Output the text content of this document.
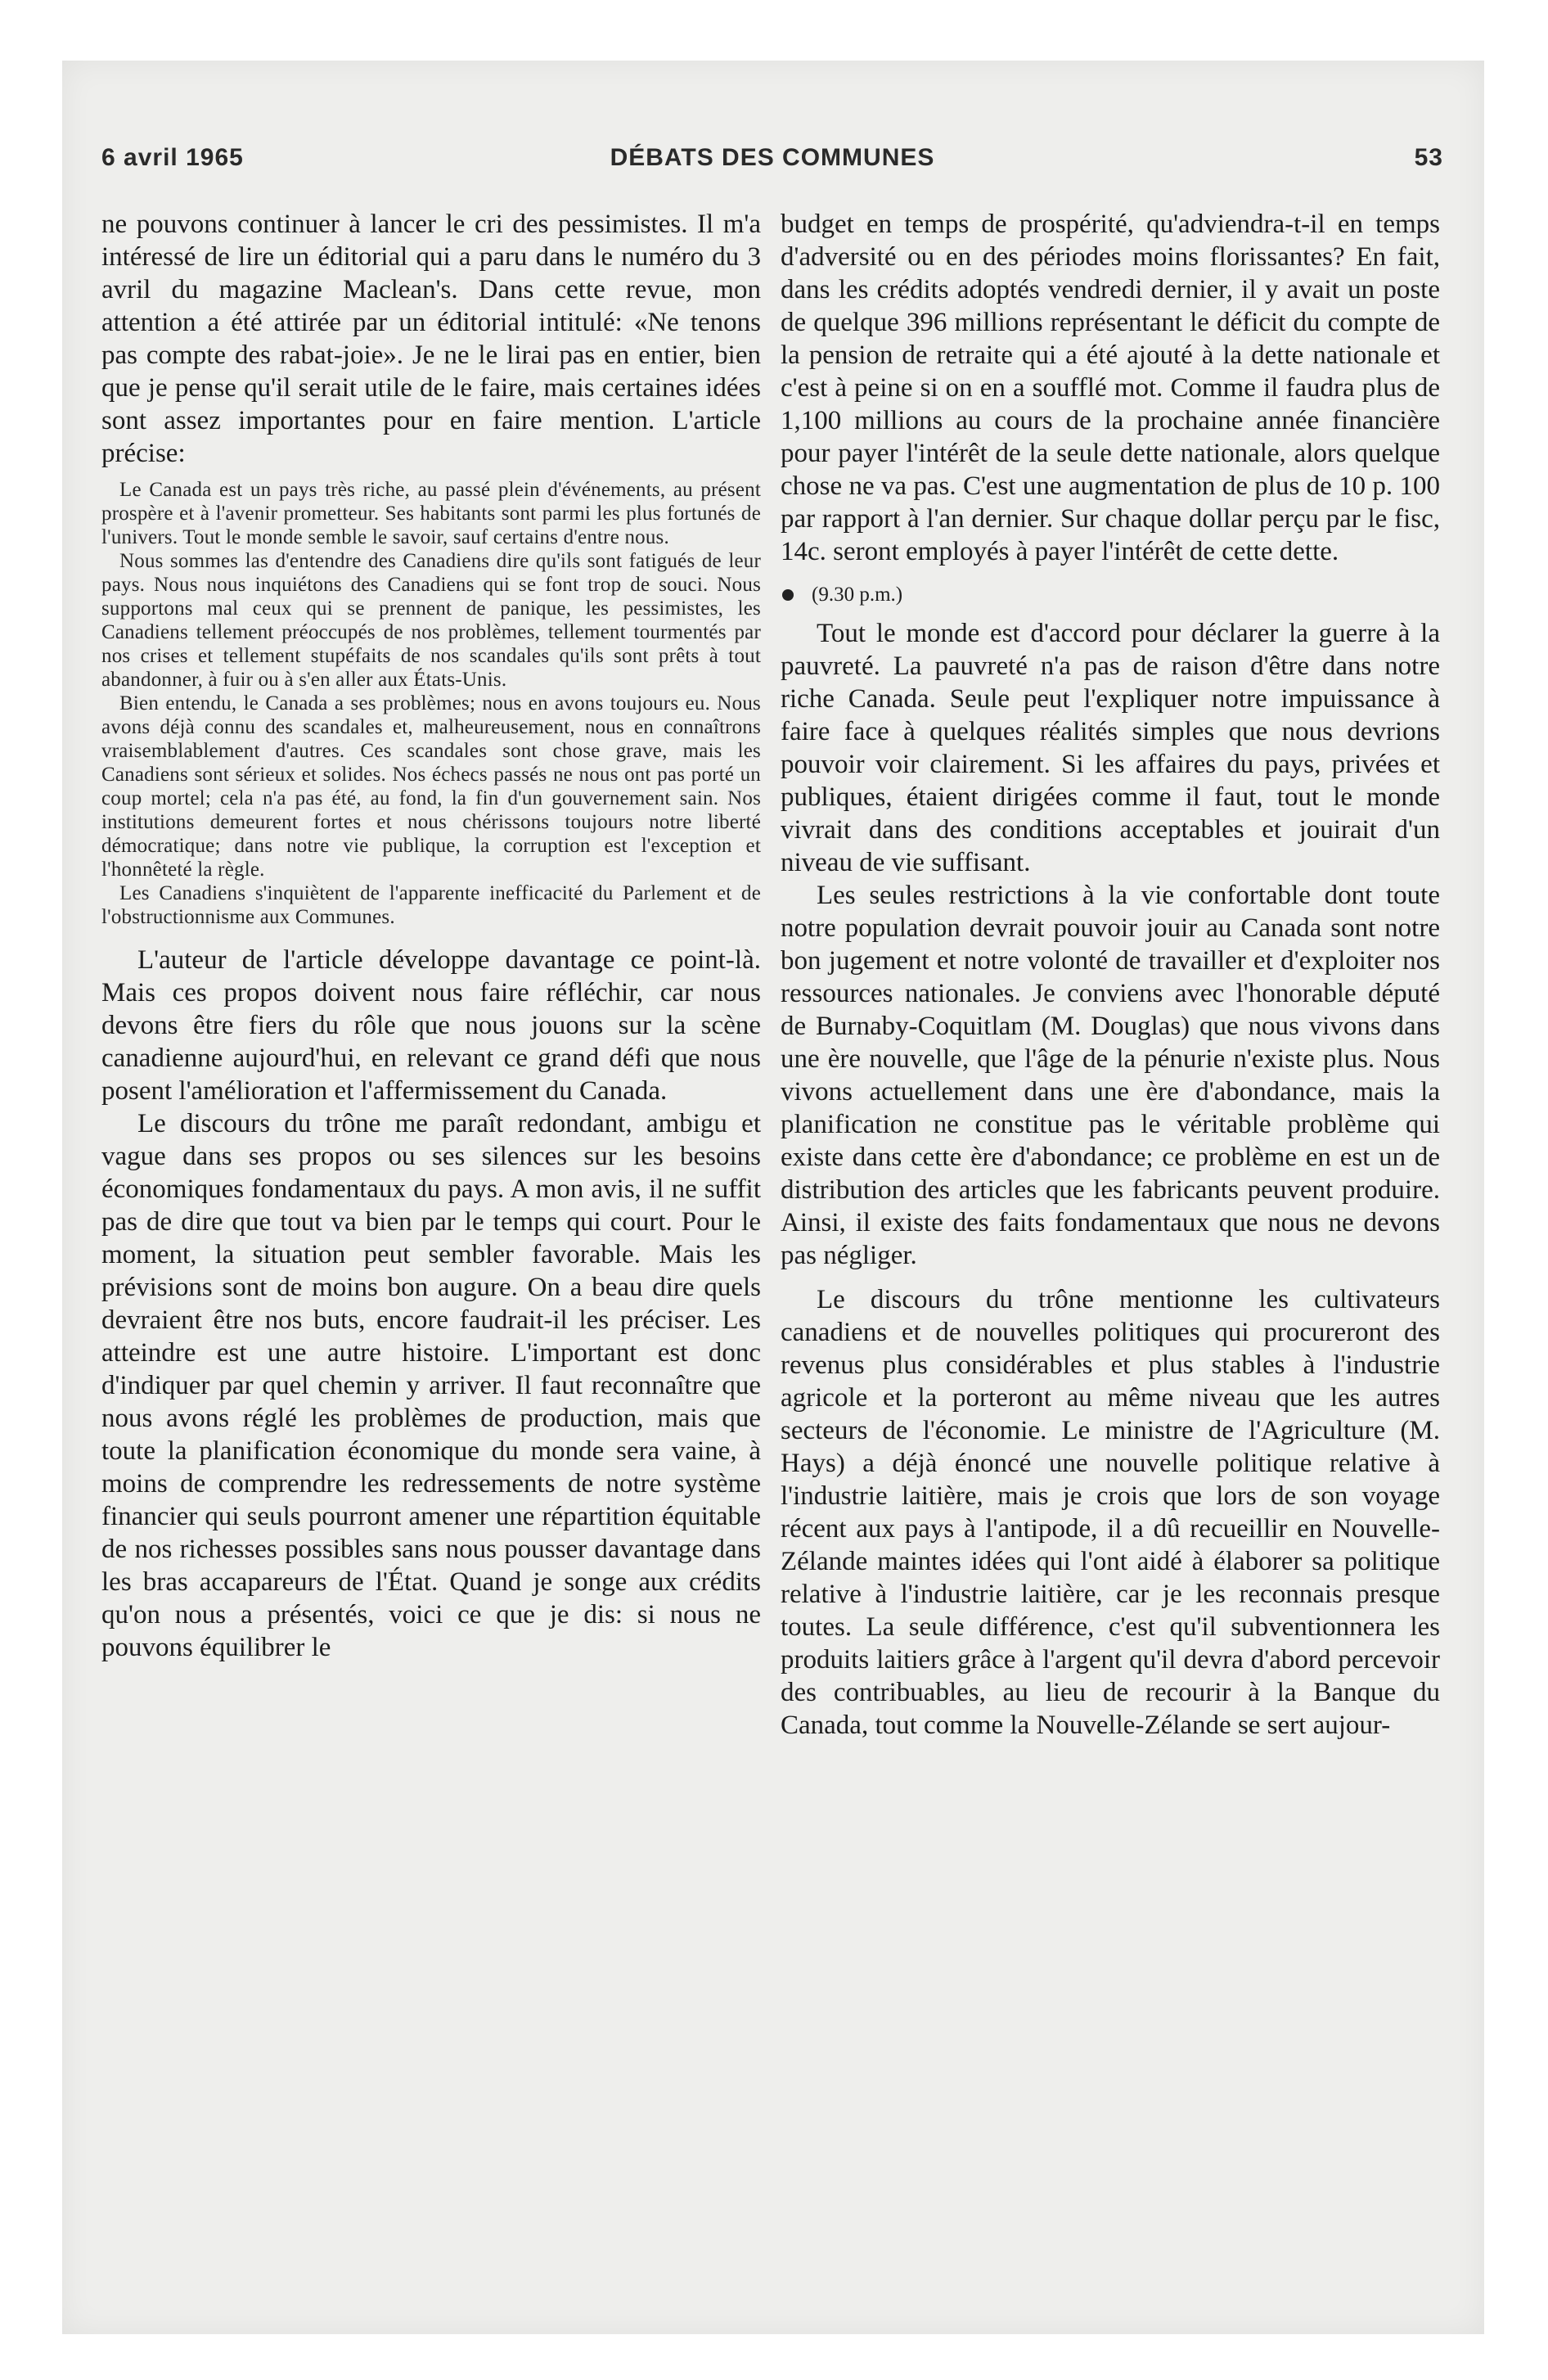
6 avril 1965	DÉBATS DES COMMUNES	53

ne pouvons continuer à lancer le cri des pessimistes. Il m'a intéressé de lire un éditorial qui a paru dans le numéro du 3 avril du magazine Maclean's. Dans cette revue, mon attention a été attirée par un éditorial intitulé: «Ne tenons pas compte des rabat-joie». Je ne le lirai pas en entier, bien que je pense qu'il serait utile de le faire, mais certaines idées sont assez importantes pour en faire mention. L'article précise:

Le Canada est un pays très riche, au passé plein d'événements, au présent prospère et à l'avenir prometteur. Ses habitants sont parmi les plus fortunés de l'univers. Tout le monde semble le savoir, sauf certains d'entre nous.

Nous sommes las d'entendre des Canadiens dire qu'ils sont fatigués de leur pays. Nous nous inquiétons des Canadiens qui se font trop de souci. Nous supportons mal ceux qui se prennent de panique, les pessimistes, les Canadiens tellement préoccupés de nos problèmes, tellement tourmentés par nos crises et tellement stupéfaits de nos scandales qu'ils sont prêts à tout abandonner, à fuir ou à s'en aller aux États-Unis.

Bien entendu, le Canada a ses problèmes; nous en avons toujours eu. Nous avons déjà connu des scandales et, malheureusement, nous en connaîtrons vraisemblablement d'autres. Ces scandales sont chose grave, mais les Canadiens sont sérieux et solides. Nos échecs passés ne nous ont pas porté un coup mortel; cela n'a pas été, au fond, la fin d'un gouvernement sain. Nos institutions demeurent fortes et nous chérissons toujours notre liberté démocratique; dans notre vie publique, la corruption est l'exception et l'honnêteté la règle.

Les Canadiens s'inquiètent de l'apparente inefficacité du Parlement et de l'obstructionnisme aux Communes.

L'auteur de l'article développe davantage ce point-là. Mais ces propos doivent nous faire réfléchir, car nous devons être fiers du rôle que nous jouons sur la scène canadienne aujourd'hui, en relevant ce grand défi que nous posent l'amélioration et l'affermissement du Canada.

Le discours du trône me paraît redondant, ambigu et vague dans ses propos ou ses silences sur les besoins économiques fondamentaux du pays. A mon avis, il ne suffit pas de dire que tout va bien par le temps qui court. Pour le moment, la situation peut sembler favorable. Mais les prévisions sont de moins bon augure. On a beau dire quels devraient être nos buts, encore faudrait-il les préciser. Les atteindre est une autre histoire. L'important est donc d'indiquer par quel chemin y arriver. Il faut reconnaître que nous avons réglé les problèmes de production, mais que toute la planification économique du monde sera vaine, à moins de comprendre les redressements de notre système financier qui seuls pourront amener une répartition équitable de nos richesses possibles sans nous pousser davantage dans les bras accapareurs de l'État. Quand je songe aux crédits qu'on nous a présentés, voici ce que je dis: si nous ne pouvons équilibrer le

budget en temps de prospérité, qu'adviendra-t-il en temps d'adversité ou en des périodes moins florissantes? En fait, dans les crédits adoptés vendredi dernier, il y avait un poste de quelque 396 millions représentant le déficit du compte de la pension de retraite qui a été ajouté à la dette nationale et c'est à peine si on en a soufflé mot. Comme il faudra plus de 1,100 millions au cours de la prochaine année financière pour payer l'intérêt de la seule dette nationale, alors quelque chose ne va pas. C'est une augmentation de plus de 10 p. 100 par rapport à l'an dernier. Sur chaque dollar perçu par le fisc, 14c. seront employés à payer l'intérêt de cette dette.

(9.30 p.m.)

Tout le monde est d'accord pour déclarer la guerre à la pauvreté. La pauvreté n'a pas de raison d'être dans notre riche Canada. Seule peut l'expliquer notre impuissance à faire face à quelques réalités simples que nous devrions pouvoir voir clairement. Si les affaires du pays, privées et publiques, étaient dirigées comme il faut, tout le monde vivrait dans des conditions acceptables et jouirait d'un niveau de vie suffisant.

Les seules restrictions à la vie confortable dont toute notre population devrait pouvoir jouir au Canada sont notre bon jugement et notre volonté de travailler et d'exploiter nos ressources nationales. Je conviens avec l'honorable député de Burnaby-Coquitlam (M. Douglas) que nous vivons dans une ère nouvelle, que l'âge de la pénurie n'existe plus. Nous vivons actuellement dans une ère d'abondance, mais la planification ne constitue pas le véritable problème qui existe dans cette ère d'abondance; ce problème en est un de distribution des articles que les fabricants peuvent produire. Ainsi, il existe des faits fondamentaux que nous ne devons pas négliger.

Le discours du trône mentionne les cultivateurs canadiens et de nouvelles politiques qui procureront des revenus plus considérables et plus stables à l'industrie agricole et la porteront au même niveau que les autres secteurs de l'économie. Le ministre de l'Agriculture (M. Hays) a déjà énoncé une nouvelle politique relative à l'industrie laitière, mais je crois que lors de son voyage récent aux pays à l'antipode, il a dû recueillir en Nouvelle-Zélande maintes idées qui l'ont aidé à élaborer sa politique relative à l'industrie laitière, car je les reconnais presque toutes. La seule différence, c'est qu'il subventionnera les produits laitiers grâce à l'argent qu'il devra d'abord percevoir des contribuables, au lieu de recourir à la Banque du Canada, tout comme la Nouvelle-Zélande se sert aujour-
